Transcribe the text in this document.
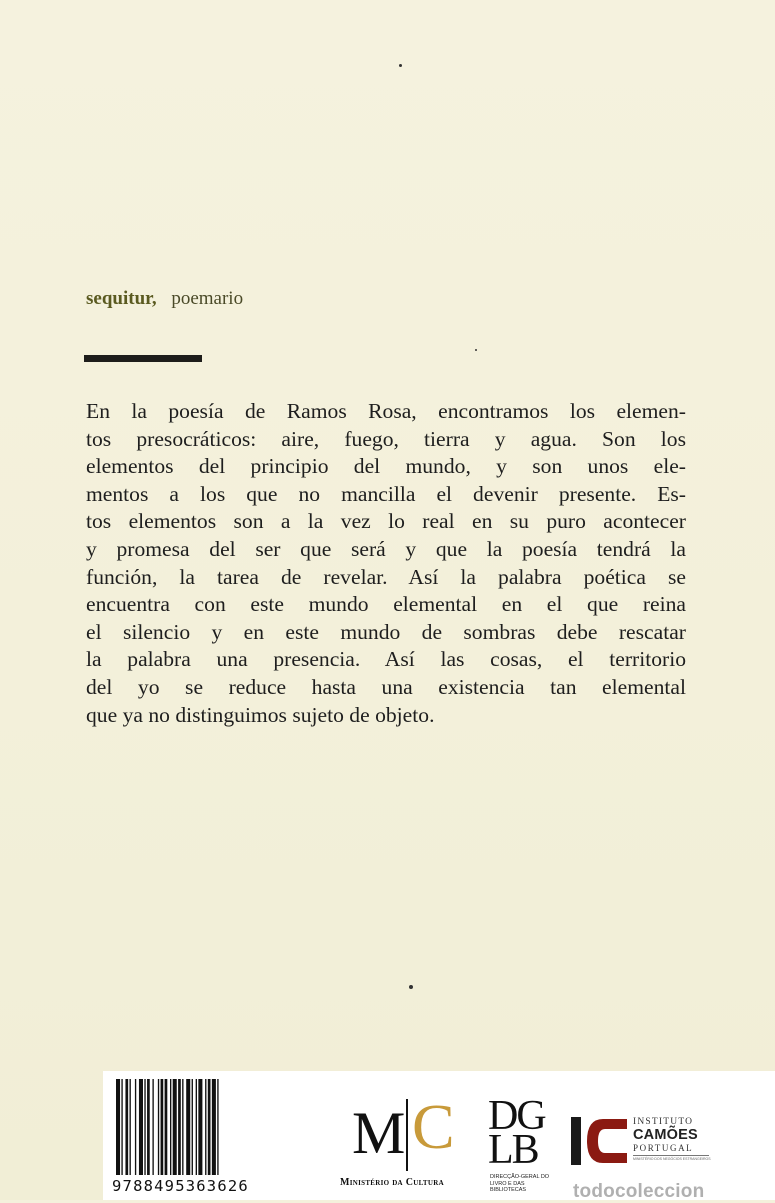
sequitur, poemario
En la poesía de Ramos Rosa, encontramos los elemen-
tos presocráticos: aire, fuego, tierra y agua. Son los
elementos del principio del mundo, y son unos ele-
mentos a los que no mancilla el devenir presente. Es-
tos elementos son a la vez lo real en su puro acontecer
y promesa del ser que será y que la poesía tendrá la
función, la tarea de revelar. Así la palabra poética se
encuentra con este mundo elemental en el que reina
el silencio y en este mundo de sombras debe rescatar
la palabra una presencia. Así las cosas, el territorio
del yo se reduce hasta una existencia tan elemental
que ya no distinguimos sujeto de objeto.
9788495363626
M C
Ministério da Cultura
DG
LB
DIRECÇÃO-GERAL DO LIVRO E DAS BIBLIOTECAS
INSTITUTO
CAMÕES
PORTUGAL
MINISTÉRIO DOS NEGÓCIOS ESTRANGEIROS
todocoleccion
